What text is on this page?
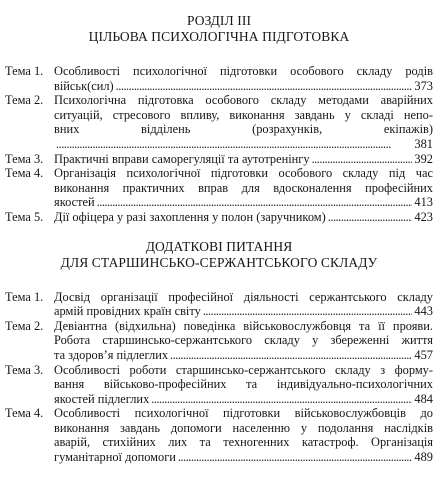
РОЗДІЛ III
ЦІЛЬОВА ПСИХОЛОГІЧНА ПІДГОТОВКА
Тема 1. Особливості психологічної підготовки особового складу родів
військ(сил) . . .	373
Тема 2. Психологічна підготовка особового складу методами аварійних
ситуацій, стресового впливу, виконання завдань у складі непо-
вних відділень (розрахунків, екіпажів)
. . .
381
Тема 3. Практичні вправи саморегуляції та аутотренінгу . . .	392
Тема 4. Організація психологічної підготовки особового складу під час
виконання практичних вправ для вдосконалення професійних
якостей . . .	413
Тема 5. Дії офіцера у разі захоплення у полон (заручником) . . .	423
ДОДАТКОВІ ПИТАННЯ
ДЛЯ СТАРШИНСЬКО-СЕРЖАНТСЬКОГО СКЛАДУ
Тема 1. Досвід організації професійної діяльності сержантського складу
армій провідних країн світу . . .	443
Тема 2. Девіантна (відхильна) поведінка військовослужбовця та її прояви.
Робота старшинсько-сержантського складу у збереженні життя
та здоров’я підлеглих . . .	457
Тема 3. Особливості роботи старшинсько-сержантського складу з форму-
вання військово-професійних та індивідуально-психологічних
якостей підлеглих . . .	484
Тема 4. Особливості психологічної підготовки військовослужбовців до
виконання завдань допомоги населенню у подолання наслідків
аварій, стихійних лих та техногенних катастроф. Організація
гуманітарної допомоги . . .	489
